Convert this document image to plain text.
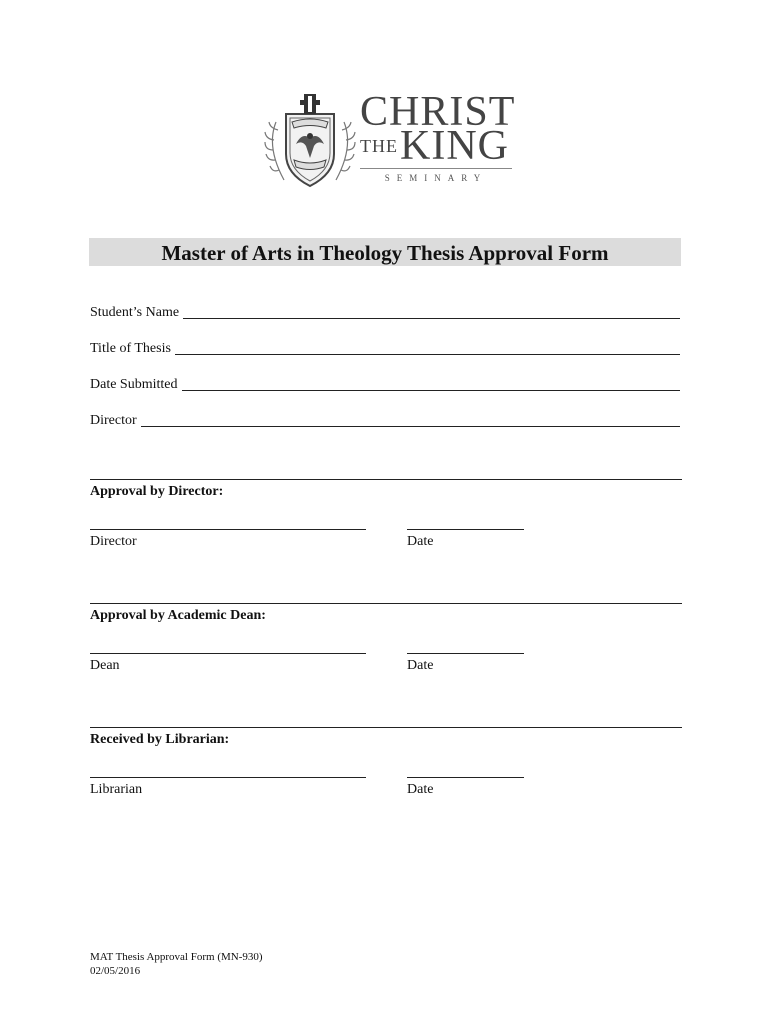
CHRIST
THE KING
SEMINARY
Master of Arts in Theology Thesis Approval Form
Student’s Name
Title of Thesis
Date Submitted
Director
Approval by Director:
Director	Date
Approval by Academic Dean:
Dean	Date
Received by Librarian:
Librarian	Date
MAT Thesis Approval Form (MN-930)
02/05/2016
